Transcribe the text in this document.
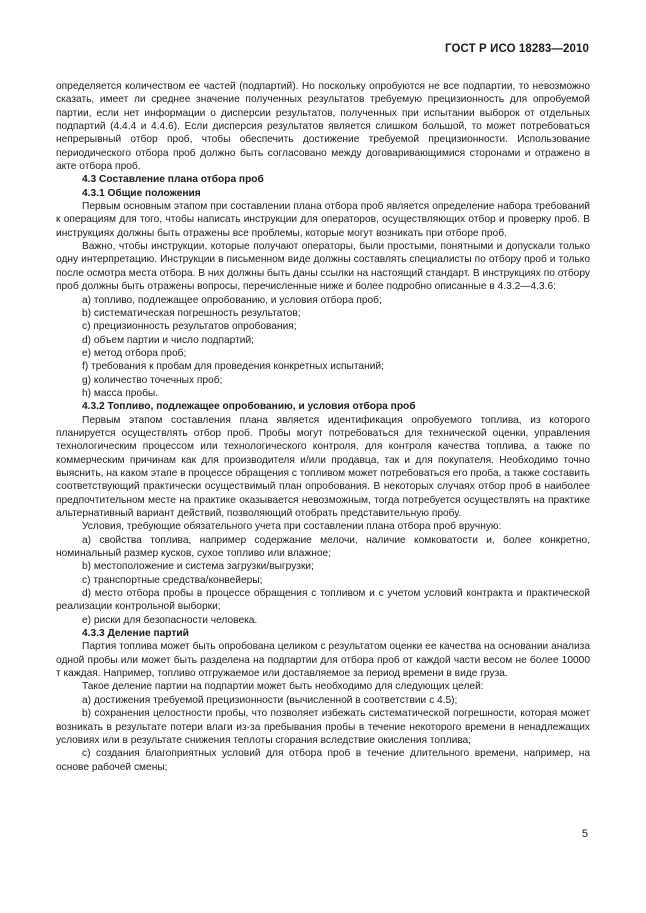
ГОСТ Р ИСО 18283—2010

определяется количеством ее частей (подпартий). Но поскольку опробуются не все подпартии, то невозможно сказать, имеет ли среднее значение полученных результатов требуемую прецизионность для опробуемой партии, если нет информации о дисперсии результатов, полученных при испытании выборок от отдельных подпартий (4.4.4 и 4.4.6). Если дисперсия результатов является слишком большой, то может потребоваться непрерывный отбор проб, чтобы обеспечить достижение требуемой прецизионности. Использование периодического отбора проб должно быть согласовано между договаривающимися сторонами и отражено в акте отбора проб.

4.3 Составление плана отбора проб

4.3.1 Общие положения

Первым основным этапом при составлении плана отбора проб является определение набора требований к операциям для того, чтобы написать инструкции для операторов, осуществляющих отбор и проверку проб. В инструкциях должны быть отражены все проблемы, которые могут возникать при отборе проб.

Важно, чтобы инструкции, которые получают операторы, были простыми, понятными и допускали только одну интерпретацию. Инструкции в письменном виде должны составлять специалисты по отбору проб и только после осмотра места отбора. В них должны быть даны ссылки на настоящий стандарт. В инструкциях по отбору проб должны быть отражены вопросы, перечисленные ниже и более подробно описанные в 4.3.2—4.3.6:

a) топливо, подлежащее опробованию, и условия отбора проб;

b) систематическая погрешность результатов;

c) прецизионность результатов опробования;

d) объем партии и число подпартий;

e) метод отбора проб;

f) требования к пробам для проведения конкретных испытаний;

g) количество точечных проб;

h) масса пробы.

4.3.2 Топливо, подлежащее опробованию, и условия отбора проб

Первым этапом составления плана является идентификация опробуемого топлива, из которого планируется осуществлять отбор проб. Пробы могут потребоваться для технической оценки, управления технологическим процессом или технологического контроля, для контроля качества топлива, а также по коммерческим причинам как для производителя и/или продавца, так и для покупателя. Необходимо точно выяснить, на каком этапе в процессе обращения с топливом может потребоваться его проба, а также составить соответствующий практически осуществимый план опробования. В некоторых случаях отбор проб в наиболее предпочтительном месте на практике оказывается невозможным, тогда потребуется осуществлять на практике альтернативный вариант действий, позволяющий отобрать представительную пробу.

Условия, требующие обязательного учета при составлении плана отбора проб вручную:

a) свойства топлива, например содержание мелочи, наличие комковатости и, более конкретно, номинальный размер кусков, сухое топливо или влажное;

b) местоположение и система загрузки/выгрузки;

c) транспортные средства/конвейеры;

d) место отбора пробы в процессе обращения с топливом и с учетом условий контракта и практической реализации контрольной выборки;

e) риски для безопасности человека.

4.3.3 Деление партий

Партия топлива может быть опробована целиком с результатом оценки ее качества на основании анализа одной пробы или может быть разделена на подпартии для отбора проб от каждой части весом не более 10000 т каждая. Например, топливо отгружаемое или доставляемое за период времени в виде груза.

Такое деление партии на подпартии может быть необходимо для следующих целей:

a) достижения требуемой прецизионности (вычисленной в соответствии с 4.5);

b) сохранения целостности пробы, что позволяет избежать систематической погрешности, которая может возникать в результате потери влаги из-за пребывания пробы в течение некоторого времени в ненадлежащих условиях или в результате снижения теплоты сгорания вследствие окисления топлива;

c) создания благоприятных условий для отбора проб в течение длительного времени, например, на основе рабочей смены;

5
